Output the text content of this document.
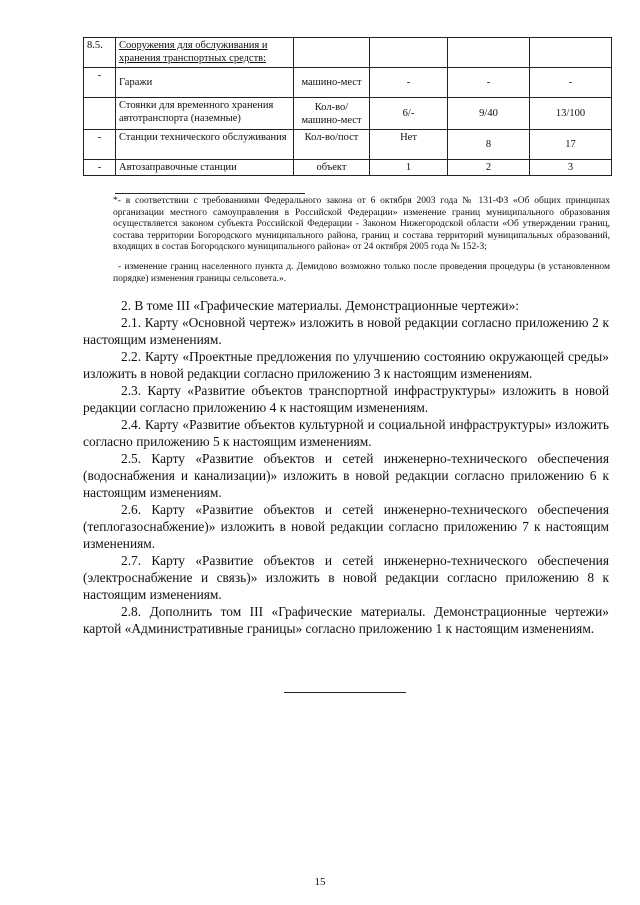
8.5.	Сооружения для обслуживания и хранения транспортных средств:				
-	Гаражи	машино-мест	-	-	-
	Стоянки для временного хранения автотранспорта (наземные)	Кол-во/ машино-мест	6/-	9/40	13/100
-	Станции технического обслуживания	Кол-во/пост	Нет	8	17
-	Автозаправочные станции	объект	1	2	3

*- в соответствии с требованиями Федерального закона от 6 октября 2003 года № 131-ФЗ «Об общих принципах организации местного самоуправления в Российской Федерации» изменение границ муниципального образования осуществляется законом субъекта Российской Федерации - Законом Нижегородской области «Об утверждении границ, состава территории Богородского муниципального района, границ и состава территорий муниципальных образований, входящих в состав Богородского муниципального района» от 24 октября 2005 года № 152-З;

- изменение границ населенного пункта д. Демидово возможно только после проведения процедуры (в установленном порядке) изменения границы сельсовета.».

2. В томе III «Графические материалы. Демонстрационные чертежи»:

2.1. Карту «Основной чертеж» изложить в новой редакции согласно приложению 2 к настоящим изменениям.

2.2. Карту «Проектные предложения по улучшению состоянию окружающей среды» изложить в новой редакции согласно приложению 3 к настоящим изменениям.

2.3. Карту «Развитие объектов транспортной инфраструктуры» изложить в новой редакции согласно приложению 4 к настоящим изменениям.

2.4. Карту «Развитие объектов культурной и социальной инфраструктуры» изложить согласно приложению 5 к настоящим изменениям.

2.5. Карту «Развитие объектов и сетей инженерно-технического обеспечения (водоснабжения и канализации)» изложить в новой редакции согласно приложению 6 к настоящим изменениям.

2.6. Карту «Развитие объектов и сетей инженерно-технического обеспечения (теплогазоснабжение)» изложить в новой редакции согласно приложению 7 к настоящим изменениям.

2.7. Карту «Развитие объектов и сетей инженерно-технического обеспечения (электроснабжение и связь)» изложить в новой редакции согласно приложению 8 к настоящим изменениям.

2.8. Дополнить том III «Графические материалы. Демонстрационные чертежи» картой «Административные границы» согласно приложению 1 к настоящим изменениям.

15
